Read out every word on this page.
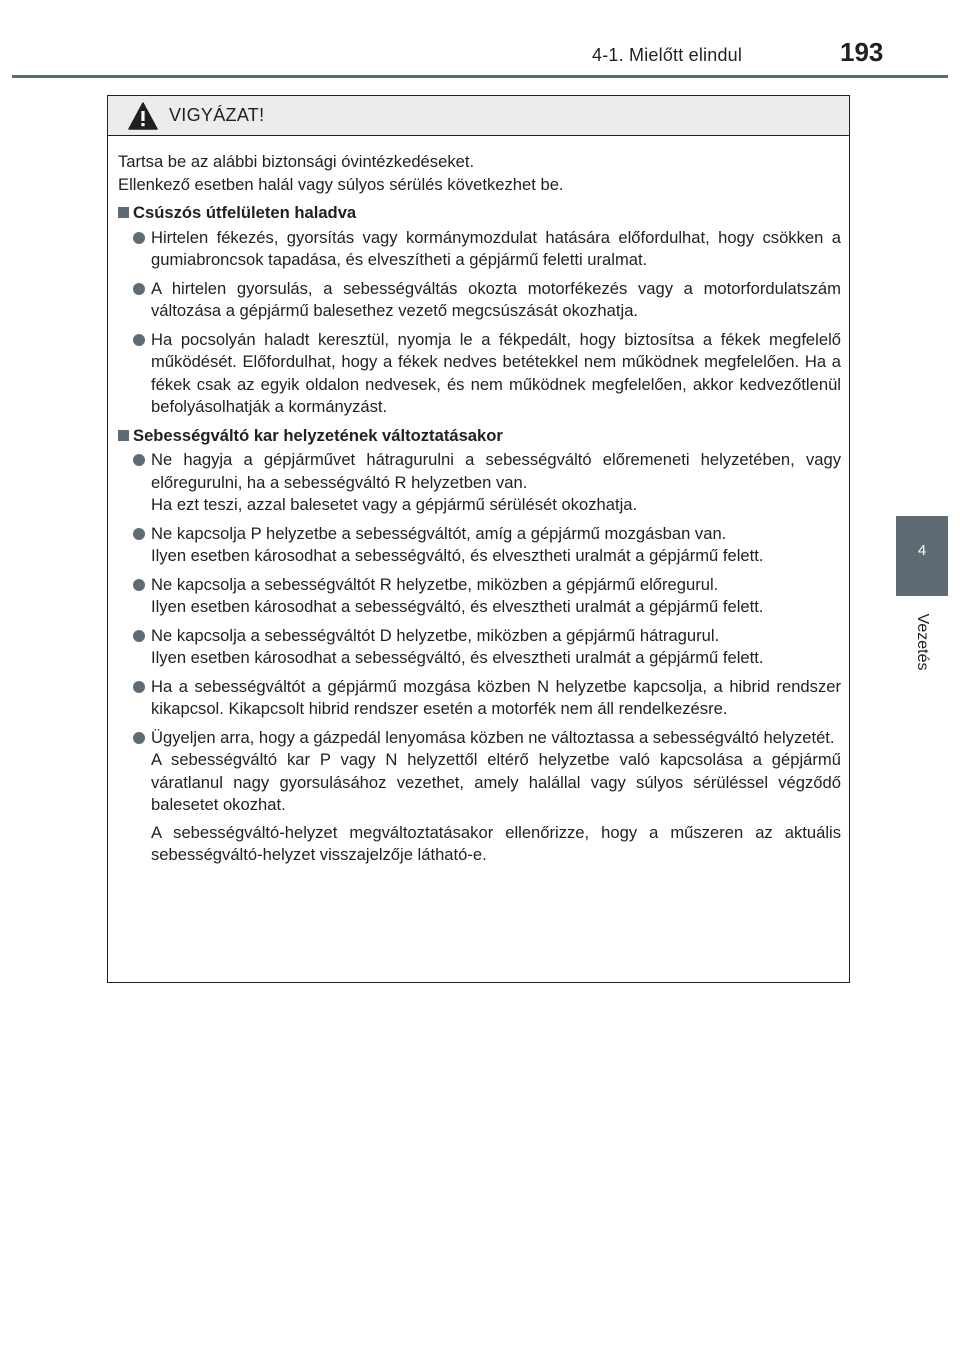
4-1. Mielőtt elindul	193
4
Vezetés
VIGYÁZAT!
Tartsa be az alábbi biztonsági óvintézkedéseket.
Ellenkező esetben halál vagy súlyos sérülés következhet be.
Csúszós útfelületen haladva
Hirtelen fékezés, gyorsítás vagy kormánymozdulat hatására előfordulhat, hogy csökken a gumiabroncsok tapadása, és elveszítheti a gépjármű feletti uralmat.
A hirtelen gyorsulás, a sebességváltás okozta motorfékezés vagy a motorfordulatszám változása a gépjármű balesethez vezető megcsúszását okozhatja.
Ha pocsolyán haladt keresztül, nyomja le a fékpedált, hogy biztosítsa a fékek megfelelő működését. Előfordulhat, hogy a fékek nedves betétekkel nem működnek megfelelően. Ha a fékek csak az egyik oldalon nedvesek, és nem működnek megfelelően, akkor kedvezőtlenül befolyásolhatják a kormányzást.
Sebességváltó kar helyzetének változtatásakor
Ne hagyja a gépjárművet hátragurulni a sebességváltó előremeneti helyzetében, vagy előregurulni, ha a sebességváltó R helyzetben van.
Ha ezt teszi, azzal balesetet vagy a gépjármű sérülését okozhatja.
Ne kapcsolja P helyzetbe a sebességváltót, amíg a gépjármű mozgásban van.
Ilyen esetben károsodhat a sebességváltó, és elvesztheti uralmát a gépjármű felett.
Ne kapcsolja a sebességváltót R helyzetbe, miközben a gépjármű előregurul.
Ilyen esetben károsodhat a sebességváltó, és elvesztheti uralmát a gépjármű felett.
Ne kapcsolja a sebességváltót D helyzetbe, miközben a gépjármű hátragurul.
Ilyen esetben károsodhat a sebességváltó, és elvesztheti uralmát a gépjármű felett.
Ha a sebességváltót a gépjármű mozgása közben N helyzetbe kapcsolja, a hibrid rendszer kikapcsol. Kikapcsolt hibrid rendszer esetén a motorfék nem áll rendelkezésre.
Ügyeljen arra, hogy a gázpedál lenyomása közben ne változtassa a sebességváltó helyzetét.
A sebességváltó kar P vagy N helyzettől eltérő helyzetbe való kapcsolása a gépjármű váratlanul nagy gyorsulásához vezethet, amely halállal vagy súlyos sérüléssel végződő balesetet okozhat.
A sebességváltó-helyzet megváltoztatásakor ellenőrizze, hogy a műszeren az aktuális sebességváltó-helyzet visszajelzője látható-e.
